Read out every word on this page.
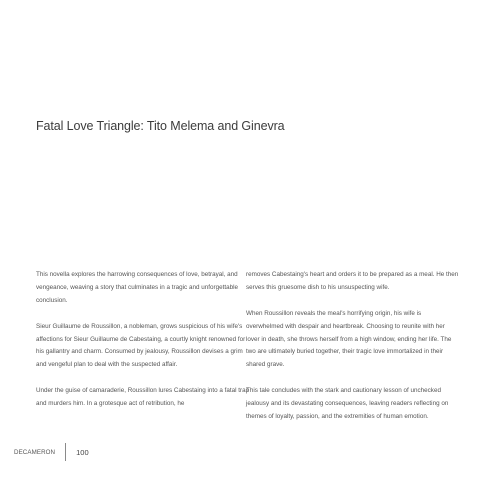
Fatal Love Triangle: Tito Melema and Ginevra

This novella explores the harrowing consequences of love, betrayal, and vengeance, weaving a story that culminates in a tragic and unforgettable conclusion.

Sieur Guillaume de Roussillon, a nobleman, grows suspicious of his wife's affections for Sieur Guillaume de Cabestaing, a courtly knight renowned for his gallantry and charm. Consumed by jealousy, Roussillon devises a grim and vengeful plan to deal with the suspected affair.

Under the guise of camaraderie, Roussillon lures Cabestaing into a fatal trap and murders him. In a grotesque act of retribution, he

removes Cabestaing's heart and orders it to be prepared as a meal. He then serves this gruesome dish to his unsuspecting wife.

When Roussillon reveals the meal's horrifying origin, his wife is overwhelmed with despair and heartbreak. Choosing to reunite with her lover in death, she throws herself from a high window, ending her life. The two are ultimately buried together, their tragic love immortalized in their shared grave.

This tale concludes with the stark and cautionary lesson of unchecked jealousy and its devastating consequences, leaving readers reflecting on themes of loyalty, passion, and the extremities of human emotion.

DECAMERON	100
